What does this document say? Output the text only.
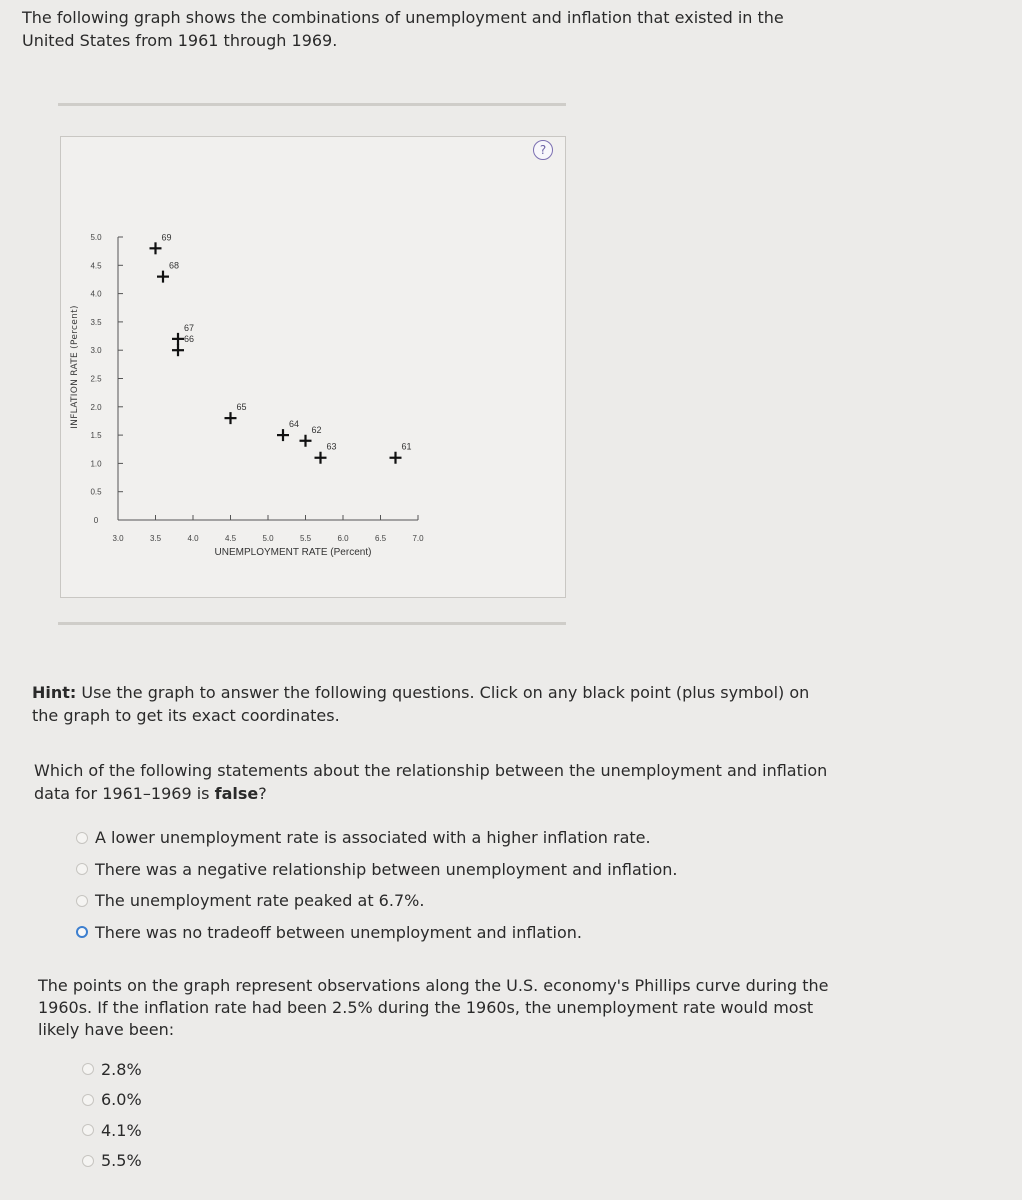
The following graph shows the combinations of unemployment and inflation that existed in the
United States from 1961 through 1969.
?
INFLATION RATE (Percent)
UNEMPLOYMENT RATE (Percent)
0
0.5
1.0
1.5
2.0
2.5
3.0
3.5
4.0
4.5
5.0
3.0	3.5	4.0	4.5	5.0	5.5	6.0	6.5	7.0
61
62
63
64
65
66
67
68
69
Hint: Use the graph to answer the following questions. Click on any black point (plus symbol) on
the graph to get its exact coordinates.
Which of the following statements about the relationship between the unemployment and inflation
data for 1961–1969 is false?
A lower unemployment rate is associated with a higher inflation rate.
There was a negative relationship between unemployment and inflation.
The unemployment rate peaked at 6.7%.
There was no tradeoff between unemployment and inflation.
The points on the graph represent observations along the U.S. economy's Phillips curve during the
1960s. If the inflation rate had been 2.5% during the 1960s, the unemployment rate would most
likely have been:
2.8%
6.0%
4.1%
5.5%
